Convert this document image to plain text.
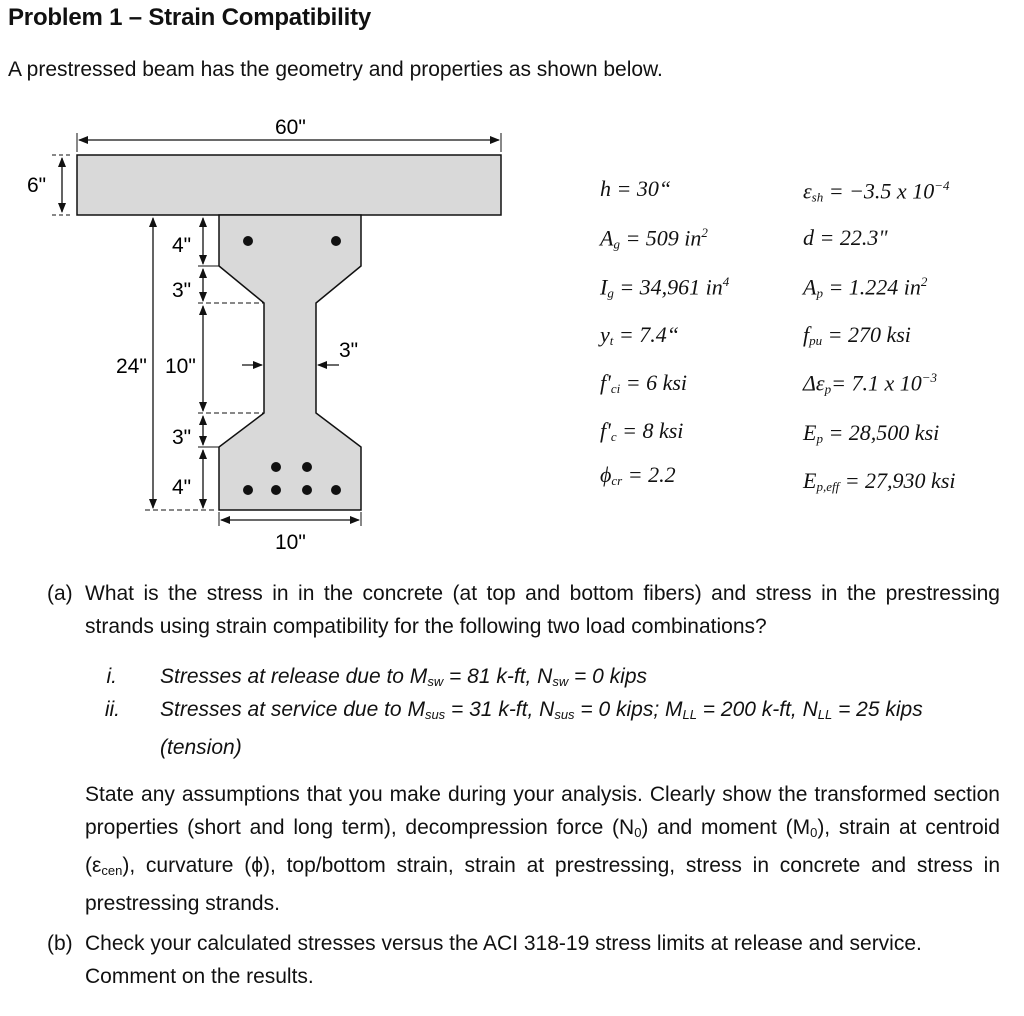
Problem 1 – Strain Compatibility
A prestressed beam has the geometry and properties as shown below.
60"
6"
24"
4"
3"
10"
3"
4"
3"
10"
h = 30“
$A_g = 509$ $in^2$
$I_g = 34,961$ $in^4$
$y_t$ = 7.4“
$f'_{ci} = 6$ ksi
$f'_c = 8$ ksi
$\phi_{cr} = 2.2$
$\varepsilon_{sh} = -3.5$ x $10^{-4}$
d = 22.3"
$A_p = 1.224$ $in^2$
$f_{pu} = 270$ ksi
$\Delta\varepsilon_p= 7.1$ x $10^{-3}$
$E_p = 28,500$ ksi
$E_{p,eff} = 27,930$ ksi
(a) What is the stress in in the concrete (at top and bottom fibers) and stress in the prestressing strands using strain compatibility for the following two load combinations?
i. Stresses at release due to $M_{sw} = 81$ k-ft, $N_{sw} = 0$ kips
ii. Stresses at service due to $M_{sus} = 31$ k-ft, $N_{sus} = 0$ kips; $M_{LL} = 200$ k-ft, $N_{LL} = 25$ kips
(tension)
State any assumptions that you make during your analysis. Clearly show the transformed section properties (short and long term), decompression force $(N_0)$ and moment $(M_0)$, strain at centroid $(\varepsilon_{cen})$, curvature (ϕ), top/bottom strain, strain at prestressing, stress in concrete and stress in prestressing strands.
(b) Check your calculated stresses versus the ACI 318-19 stress limits at release and service. Comment on the results.
